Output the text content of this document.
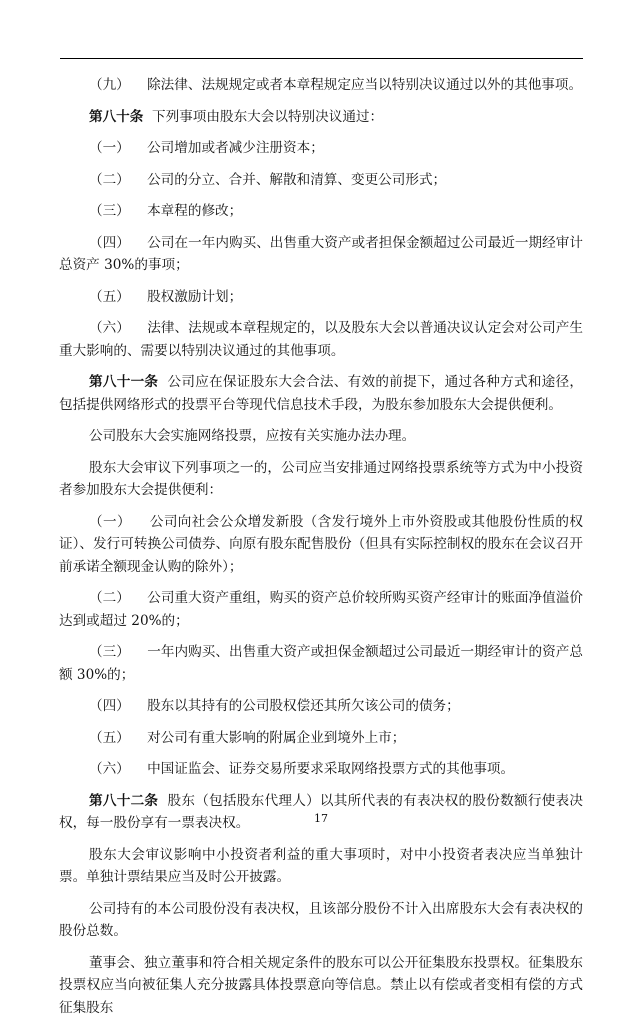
（九） 除法律、法规规定或者本章程规定应当以特别决议通过以外的其他事项。

第八十条 下列事项由股东大会以特别决议通过：

（一） 公司增加或者减少注册资本；

（二） 公司的分立、合并、解散和清算、变更公司形式；

（三） 本章程的修改；

（四） 公司在一年内购买、出售重大资产或者担保金额超过公司最近一期经审计总资产 30%的事项；

（五） 股权激励计划；

（六） 法律、法规或本章程规定的，以及股东大会以普通决议认定会对公司产生重大影响的、需要以特别决议通过的其他事项。

第八十一条 公司应在保证股东大会合法、有效的前提下，通过各种方式和途径，包括提供网络形式的投票平台等现代信息技术手段，为股东参加股东大会提供便利。

公司股东大会实施网络投票，应按有关实施办法办理。

股东大会审议下列事项之一的，公司应当安排通过网络投票系统等方式为中小投资者参加股东大会提供便利：

（一） 公司向社会公众增发新股（含发行境外上市外资股或其他股份性质的权证）、发行可转换公司债券、向原有股东配售股份（但具有实际控制权的股东在会议召开前承诺全额现金认购的除外）；

（二） 公司重大资产重组，购买的资产总价较所购买资产经审计的账面净值溢价达到或超过 20%的；

（三） 一年内购买、出售重大资产或担保金额超过公司最近一期经审计的资产总额 30%的；

（四） 股东以其持有的公司股权偿还其所欠该公司的债务；

（五） 对公司有重大影响的附属企业到境外上市；

（六） 中国证监会、证券交易所要求采取网络投票方式的其他事项。

第八十二条 股东（包括股东代理人）以其所代表的有表决权的股份数额行使表决权，每一股份享有一票表决权。

股东大会审议影响中小投资者利益的重大事项时，对中小投资者表决应当单独计票。单独计票结果应当及时公开披露。

公司持有的本公司股份没有表决权，且该部分股份不计入出席股东大会有表决权的股份总数。

董事会、独立董事和符合相关规定条件的股东可以公开征集股东投票权。征集股东投票权应当向被征集人充分披露具体投票意向等信息。禁止以有偿或者变相有偿的方式征集股东

17
